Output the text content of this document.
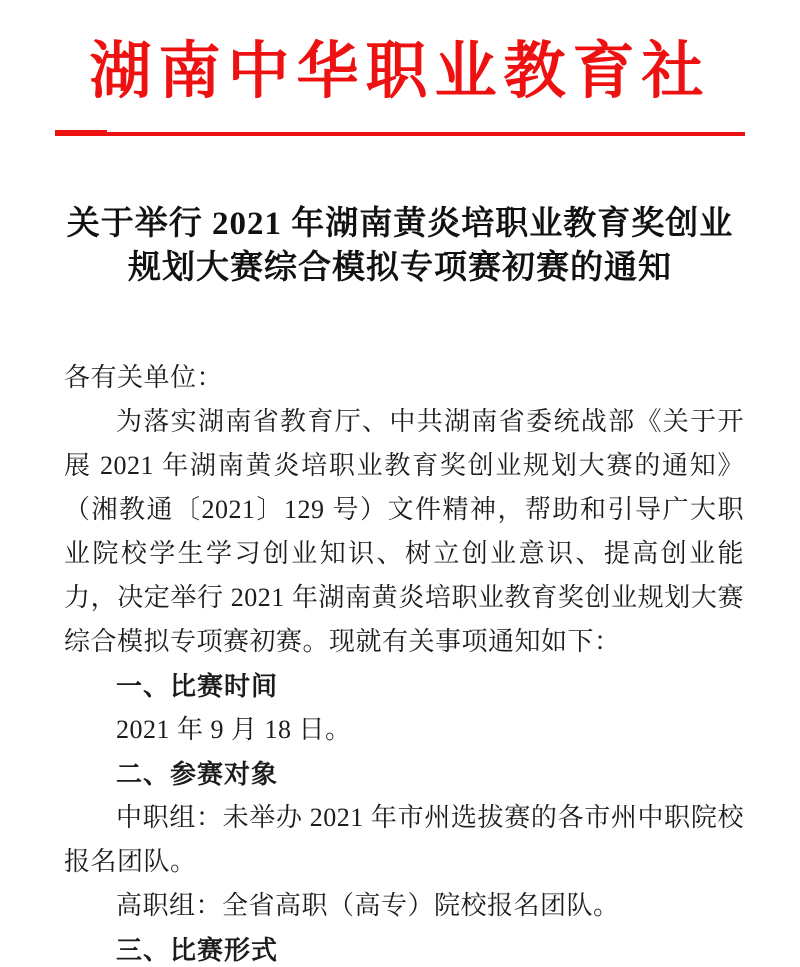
湖南中华职业教育社
关于举行 2021 年湖南黄炎培职业教育奖创业规划大赛综合模拟专项赛初赛的通知
各有关单位：
为落实湖南省教育厅、中共湖南省委统战部《关于开展 2021 年湖南黄炎培职业教育奖创业规划大赛的通知》（湘教通〔2021〕129 号）文件精神，帮助和引导广大职业院校学生学习创业知识、树立创业意识、提高创业能力，决定举行 2021 年湖南黄炎培职业教育奖创业规划大赛综合模拟专项赛初赛。现就有关事项通知如下：
一、比赛时间
2021 年 9 月 18 日。
二、参赛对象
中职组：未举办 2021 年市州选拔赛的各市州中职院校报名团队。
高职组：全省高职（高专）院校报名团队。
三、比赛形式
